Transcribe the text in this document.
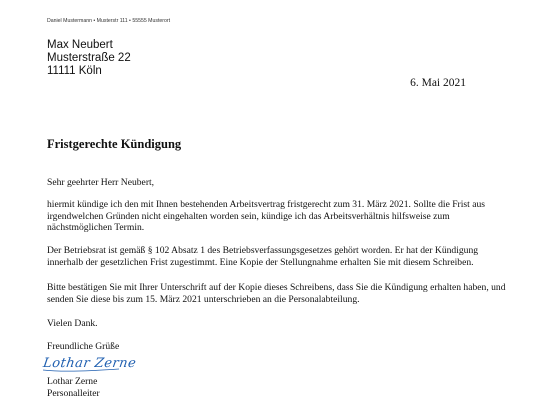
Daniel Mustermann • Musterstr 111 • 55555 Musterort
Max Neubert
Musterstraße 22
11111 Köln
6. Mai 2021
Fristgerechte Kündigung
Sehr geehrter Herr Neubert,
hiermit kündige ich den mit Ihnen bestehenden Arbeitsvertrag fristgerecht zum 31. März 2021. Sollte die Frist aus irgendwelchen Gründen nicht eingehalten worden sein, kündige ich das Arbeitsverhältnis hilfsweise zum nächstmöglichen Termin.
Der Betriebsrat ist gemäß § 102 Absatz 1 des Betriebsverfassungsgesetzes gehört worden. Er hat der Kündigung innerhalb der gesetzlichen Frist zugestimmt. Eine Kopie der Stellungnahme erhalten Sie mit diesem Schreiben.
Bitte bestätigen Sie mit Ihrer Unterschrift auf der Kopie dieses Schreibens, dass Sie die Kündigung erhalten haben, und senden Sie diese bis zum 15. März 2021 unterschrieben an die Personalabteilung.
Vielen Dank.
Freundliche Grüße
Lothar Zerne
Lothar Zerne
Personalleiter
